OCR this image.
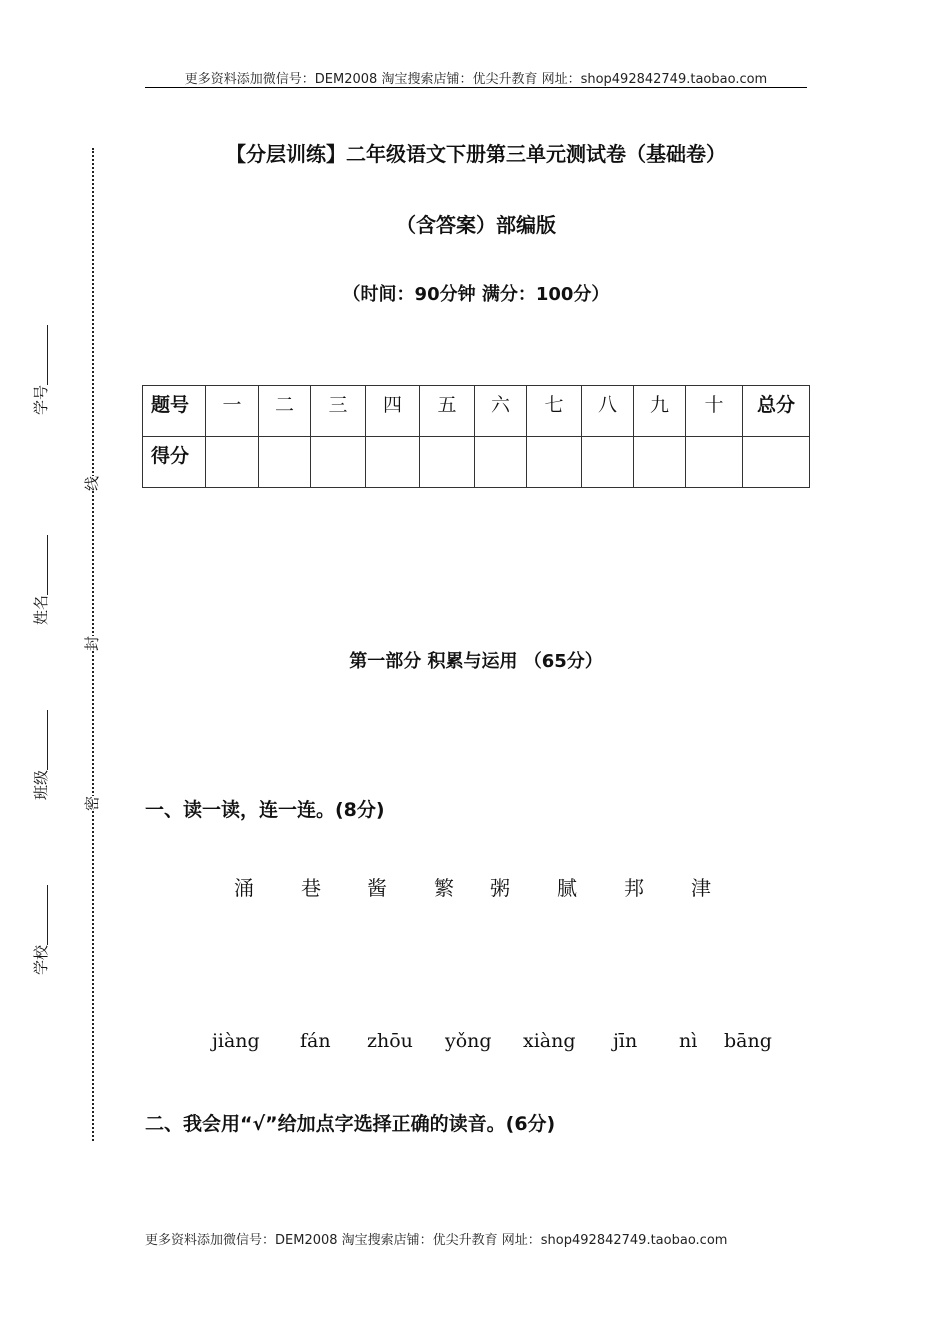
更多资料添加微信号：DEM2008 淘宝搜索店铺：优尖升教育 网址：shop492842749.taobao.com
学号
姓名
班级
学校
线
封
密
【分层训练】二年级语文下册第三单元测试卷（基础卷）
（含答案）部编版
（时间：90分钟 满分：100分）
题号	一	二	三	四	五	六	七	八	九	十	总分
得分											
第一部分 积累与运用 （65分）
一、读一读，连一连。(8分)
涌 巷 酱 繁 粥 腻 邦 津
jiàng fán zhōu yǒng xiàng jīn nì bāng
二、我会用“√”给加点字选择正确的读音。(6分)
更多资料添加微信号：DEM2008 淘宝搜索店铺：优尖升教育 网址：shop492842749.taobao.com
